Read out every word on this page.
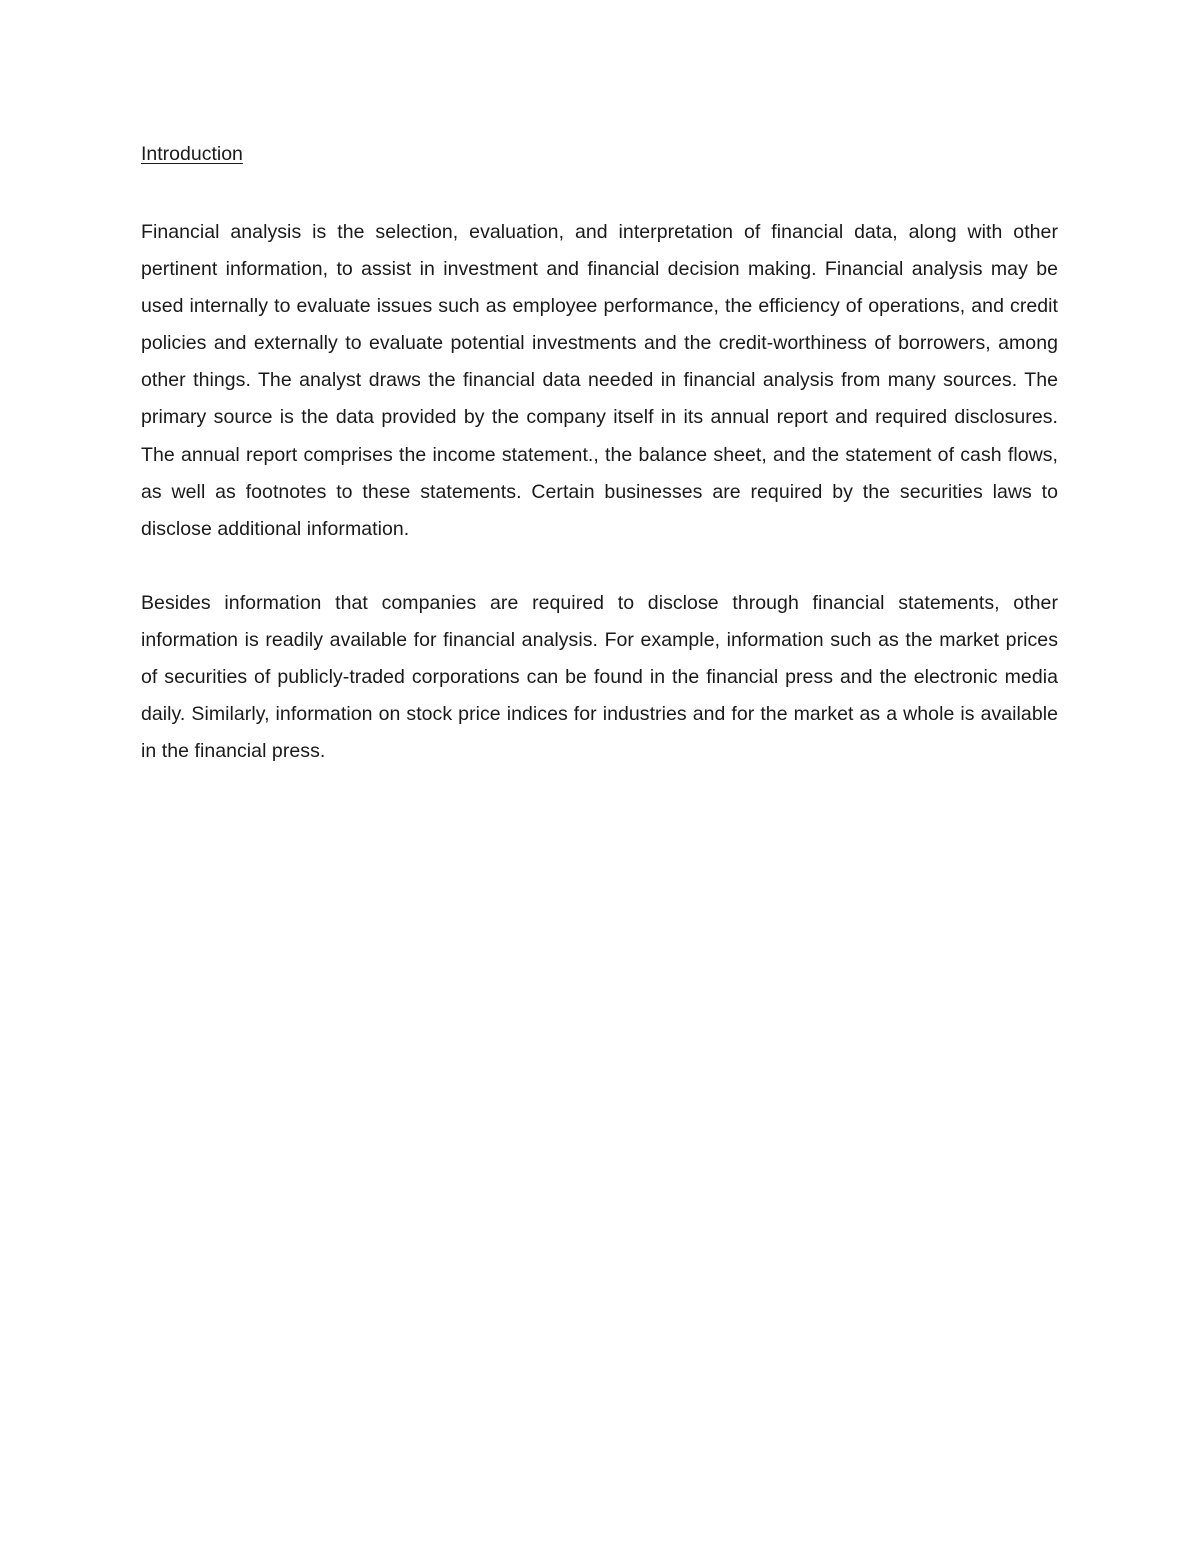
Introduction

Financial analysis is the selection, evaluation, and interpretation of financial data, along with other pertinent information, to assist in investment and financial decision making. Financial analysis may be used internally to evaluate issues such as employee performance, the efficiency of operations, and credit policies and externally to evaluate potential investments and the credit-worthiness of borrowers, among other things. The analyst draws the financial data needed in financial analysis from many sources. The primary source is the data provided by the company itself in its annual report and required disclosures. The annual report comprises the income statement., the balance sheet, and the statement of cash flows, as well as footnotes to these statements. Certain businesses are required by the securities laws to disclose additional information.

Besides information that companies are required to disclose through financial statements, other information is readily available for financial analysis. For example, information such as the market prices of securities of publicly-traded corporations can be found in the financial press and the electronic media daily. Similarly, information on stock price indices for industries and for the market as a whole is available in the financial press.
